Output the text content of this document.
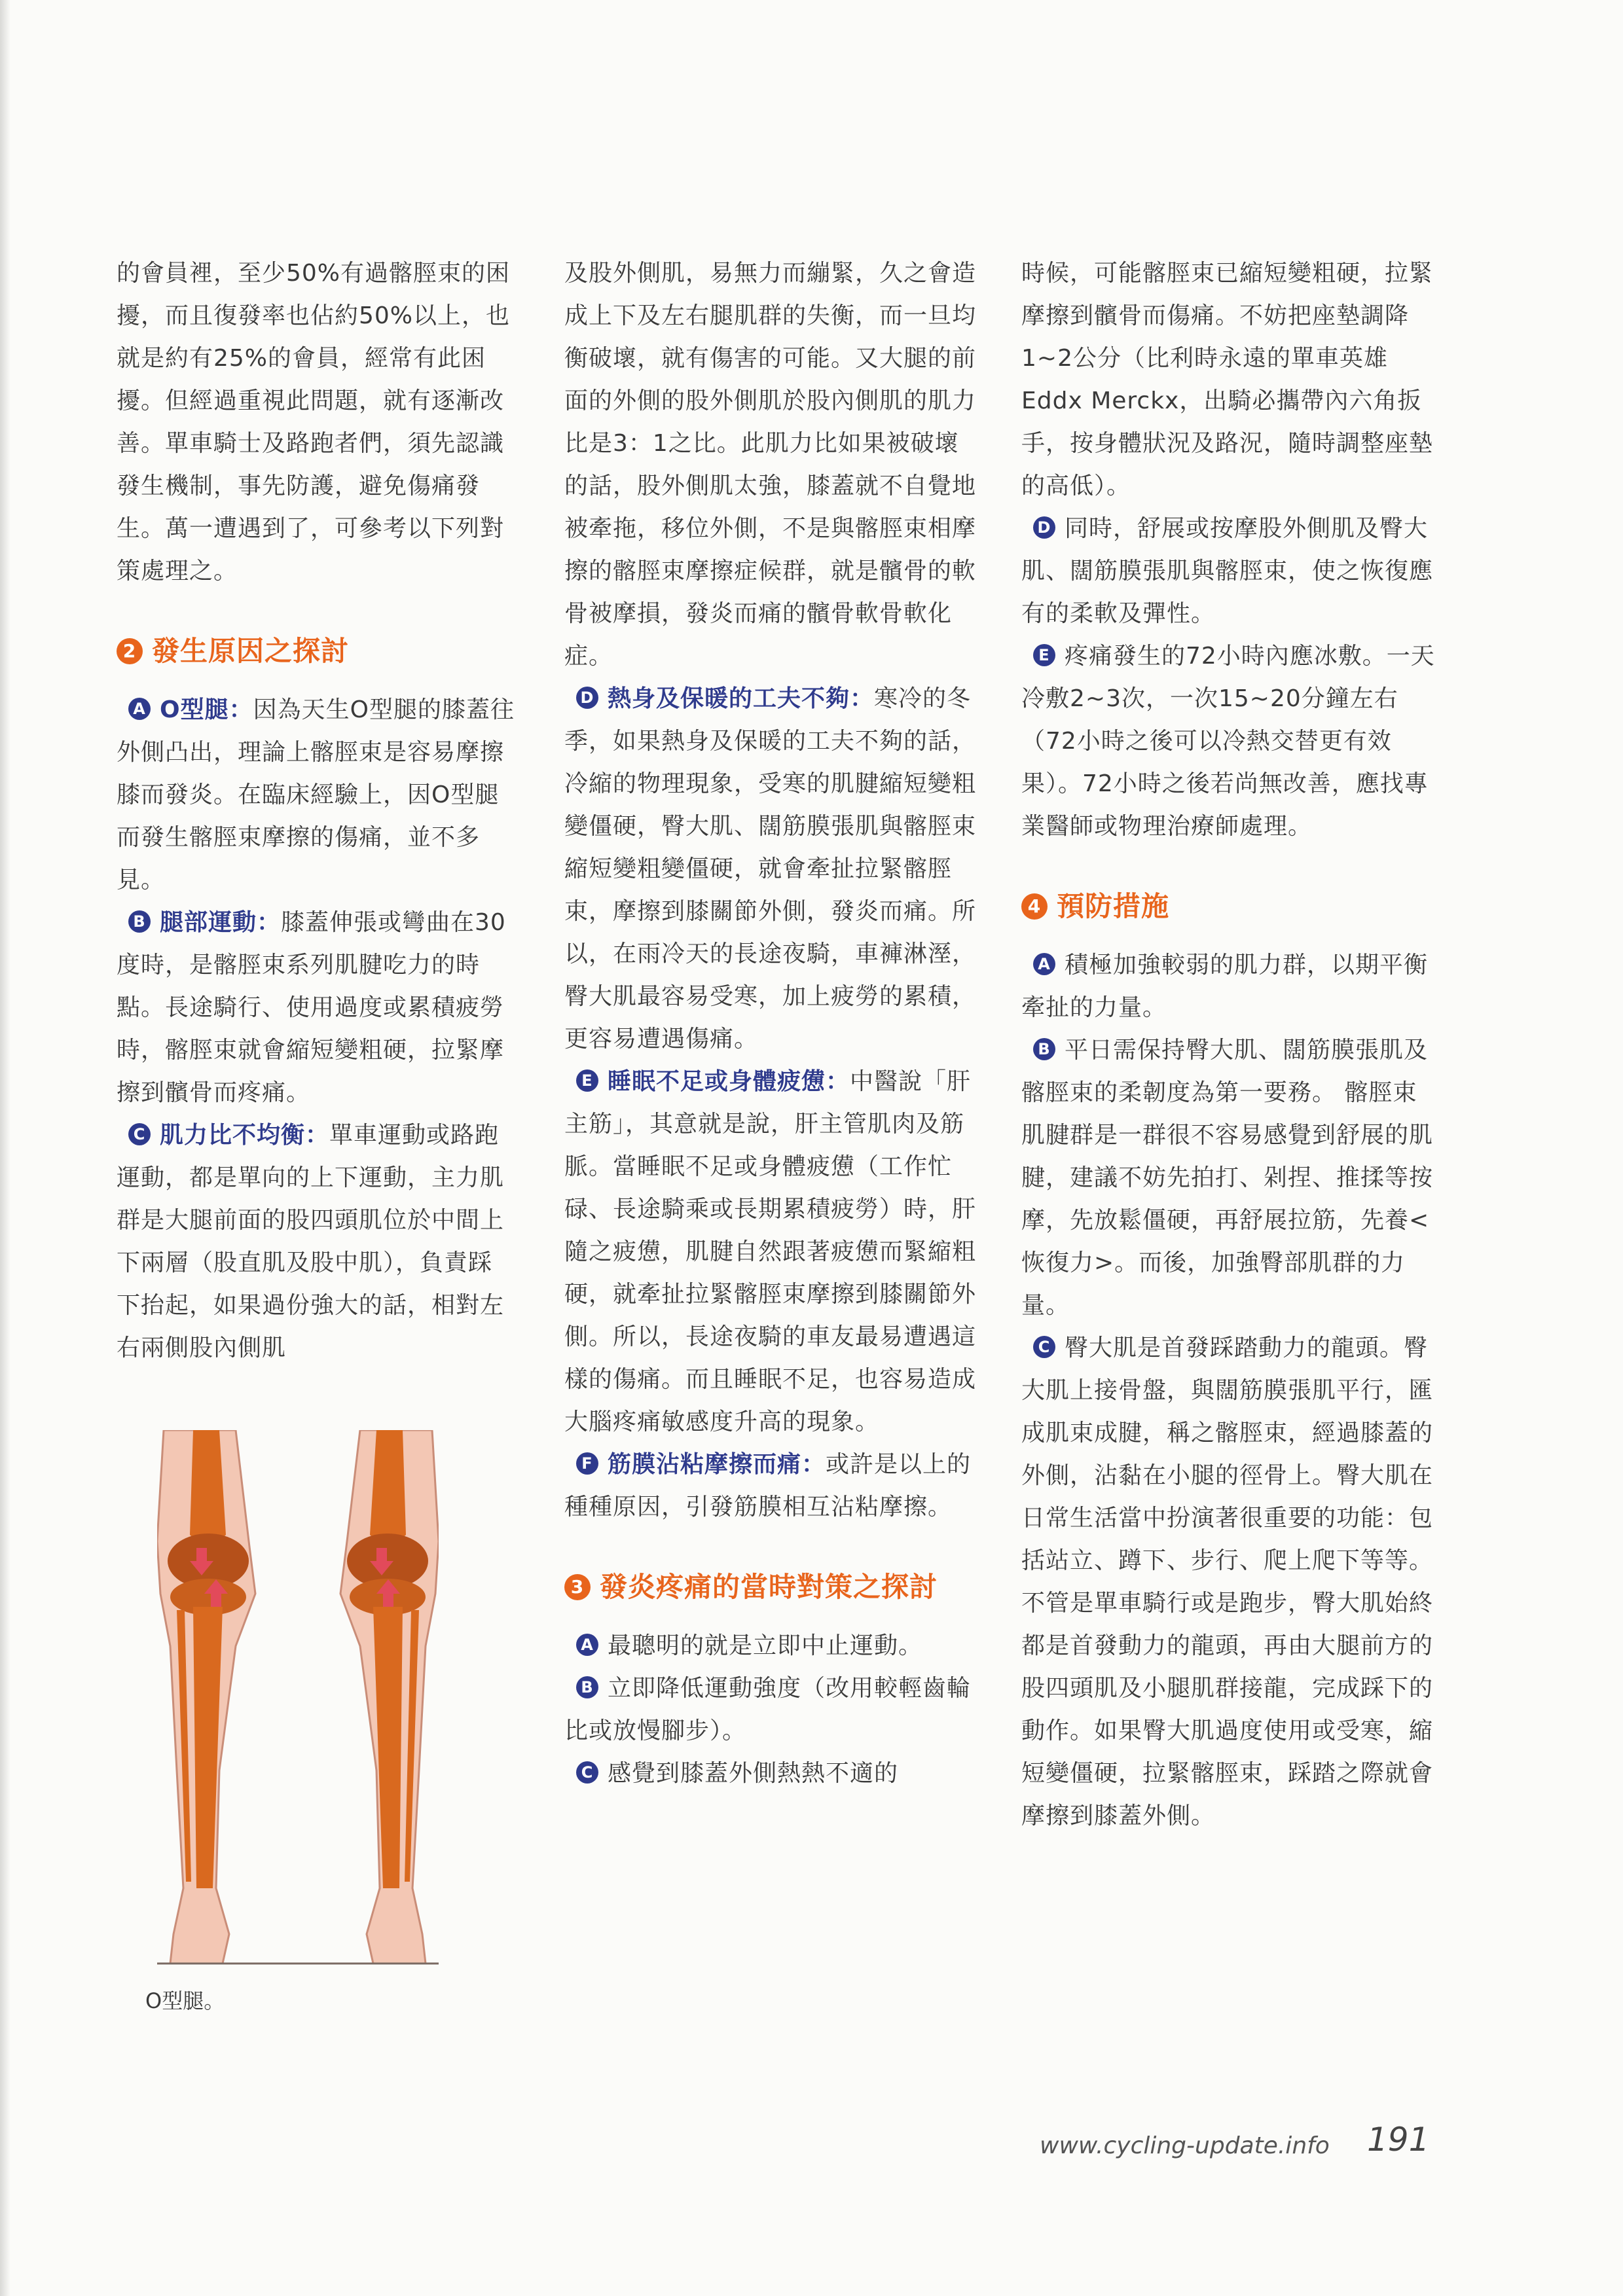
的會員裡，至少50%有過髂脛束的困擾，而且復發率也佔約50%以上，也就是約有25%的會員，經常有此困擾。但經過重視此問題，就有逐漸改善。單車騎士及路跑者們，須先認識發生機制，事先防護，避免傷痛發生。萬一遭遇到了，可參考以下列對策處理之。

2 發生原因之探討

A O型腿：因為天生O型腿的膝蓋往外側凸出，理論上髂脛束是容易摩擦膝而發炎。在臨床經驗上，因O型腿而發生髂脛束摩擦的傷痛，並不多見。

B 腿部運動：膝蓋伸張或彎曲在30度時，是髂脛束系列肌腱吃力的時點。長途騎行、使用過度或累積疲勞時，髂脛束就會縮短變粗硬，拉緊摩擦到髕骨而疼痛。

C 肌力比不均衡：單車運動或路跑運動，都是單向的上下運動，主力肌群是大腿前面的股四頭肌位於中間上下兩層（股直肌及股中肌），負責踩下抬起，如果過份強大的話，相對左右兩側股內側肌

O型腿。

及股外側肌，易無力而繃緊，久之會造成上下及左右腿肌群的失衡，而一旦均衡破壞，就有傷害的可能。又大腿的前面的外側的股外側肌於股內側肌的肌力比是3：1之比。此肌力比如果被破壞的話，股外側肌太強，膝蓋就不自覺地被牽拖，移位外側，不是與髂脛束相摩擦的髂脛束摩擦症候群，就是髕骨的軟骨被摩損，發炎而痛的髕骨軟骨軟化症。

D 熱身及保暖的工夫不夠：寒冷的冬季，如果熱身及保暖的工夫不夠的話，冷縮的物理現象，受寒的肌腱縮短變粗變僵硬，臀大肌、闊筋膜張肌與髂脛束縮短變粗變僵硬，就會牽扯拉緊髂脛束，摩擦到膝關節外側，發炎而痛。所以，在雨冷天的長途夜騎，車褲淋溼，臀大肌最容易受寒，加上疲勞的累積，更容易遭遇傷痛。

E 睡眠不足或身體疲憊：中醫說「肝主筋」，其意就是說，肝主管肌肉及筋脈。當睡眠不足或身體疲憊（工作忙碌、長途騎乘或長期累積疲勞）時，肝隨之疲憊，肌腱自然跟著疲憊而緊縮粗硬，就牽扯拉緊髂脛束摩擦到膝關節外側。所以，長途夜騎的車友最易遭遇這樣的傷痛。而且睡眠不足，也容易造成大腦疼痛敏感度升高的現象。

F 筋膜沾粘摩擦而痛：或許是以上的種種原因，引發筋膜相互沾粘摩擦。

3 發炎疼痛的當時對策之探討

A 最聰明的就是立即中止運動。

B 立即降低運動強度（改用較輕齒輪比或放慢腳步）。

C 感覺到膝蓋外側熱熱不適的

時候，可能髂脛束已縮短變粗硬，拉緊摩擦到髕骨而傷痛。不妨把座墊調降1~2公分（比利時永遠的單車英雄Eddx Merckx，出騎必攜帶內六角扳手，按身體狀況及路況，隨時調整座墊的高低）。

D 同時，舒展或按摩股外側肌及臀大肌、闊筋膜張肌與髂脛束，使之恢復應有的柔軟及彈性。

E 疼痛發生的72小時內應冰敷。一天冷敷2~3次，一次15~20分鐘左右（72小時之後可以冷熱交替更有效果）。72小時之後若尚無改善，應找專業醫師或物理治療師處理。

4 預防措施

A 積極加強較弱的肌力群，以期平衡牽扯的力量。

B 平日需保持臀大肌、闊筋膜張肌及髂脛束的柔韌度為第一要務。 髂脛束肌腱群是一群很不容易感覺到舒展的肌腱，建議不妨先拍打、剁捏、推揉等按摩，先放鬆僵硬，再舒展拉筋，先養<恢復力>。而後，加強臀部肌群的力量。

C 臀大肌是首發踩踏動力的龍頭。臀大肌上接骨盤，與闊筋膜張肌平行，匯成肌束成腱，稱之髂脛束，經過膝蓋的外側，沾黏在小腿的徑骨上。臀大肌在日常生活當中扮演著很重要的功能：包括站立、蹲下、步行、爬上爬下等等。不管是單車騎行或是跑步，臀大肌始終都是首發動力的龍頭，再由大腿前方的股四頭肌及小腿肌群接龍，完成踩下的動作。如果臀大肌過度使用或受寒，縮短變僵硬，拉緊髂脛束，踩踏之際就會摩擦到膝蓋外側。

www.cycling-update.info 191
